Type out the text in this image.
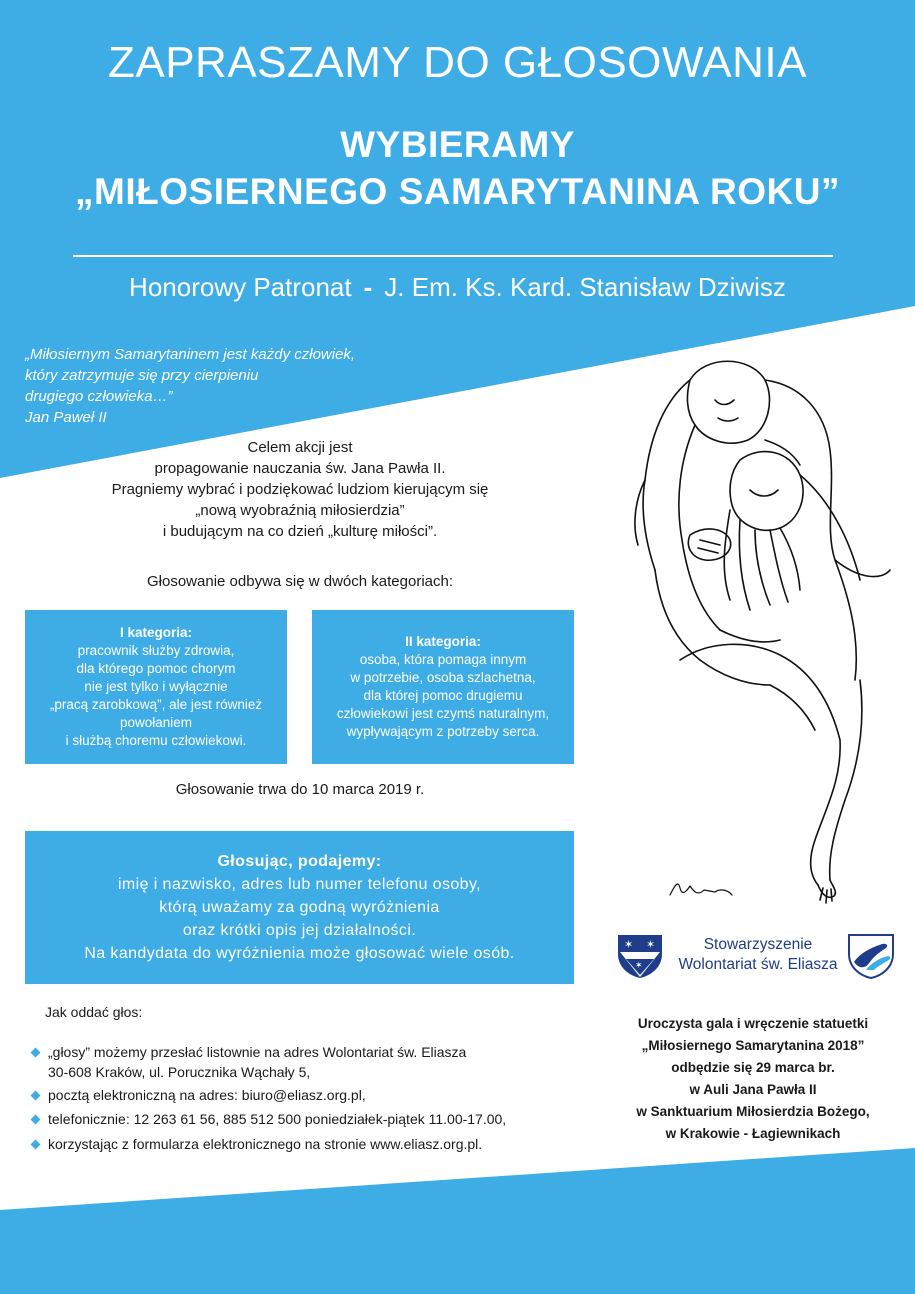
ZAPRASZAMY DO GŁOSOWANIA
WYBIERAMY
„MIŁOSIERNEGO SAMARYTANINA ROKU”
Honorowy Patronat - J. Em. Ks. Kard. Stanisław Dziwisz
„Miłosiernym Samarytaninem jest każdy człowiek,
który zatrzymuje się przy cierpieniu
drugiego człowieka…”
Jan Paweł II
Celem akcji jest
propagowanie nauczania św. Jana Pawła II.
Pragniemy wybrać i podziękować ludziom kierującym się
„nową wyobraźnią miłosierdzia”
i budującym na co dzień „kulturę miłości”.
Głosowanie odbywa się w dwóch kategoriach:
I kategoria:
pracownik służby zdrowia,
dla którego pomoc chorym
nie jest tylko i wyłącznie
„pracą zarobkową”, ale jest również
powołaniem
i służbą choremu człowiekowi.
II kategoria:
osoba, która pomaga innym
w potrzebie, osoba szlachetna,
dla której pomoc drugiemu
człowiekowi jest czymś naturalnym,
wypływającym z potrzeby serca.
Głosowanie trwa do 10 marca 2019 r.
Głosując, podajemy:
imię i nazwisko, adres lub numer telefonu osoby,
którą uważamy za godną wyróżnienia
oraz krótki opis jej działalności.
Na kandydata do wyróżnienia może głosować wiele osób.
Jak oddać głos:
„głosy” możemy przesłać listownie na adres Wolontariat św. Eliasza
30-608 Kraków, ul. Porucznika Wąchały 5,
pocztą elektroniczną na adres: biuro@eliasz.org.pl,
telefonicznie: 12 263 61 56, 885 512 500 poniedziałek-piątek 11.00-17.00,
korzystając z formularza elektronicznego na stronie www.eliasz.org.pl.
✶ ✶
✶
Stowarzyszenie
Wolontariat św. Eliasza
Uroczysta gala i wręczenie statuetki
„Miłosiernego Samarytanina 2018”
odbędzie się 29 marca br.
w Auli Jana Pawła II
w Sanktuarium Miłosierdzia Bożego,
w Krakowie - Łagiewnikach
